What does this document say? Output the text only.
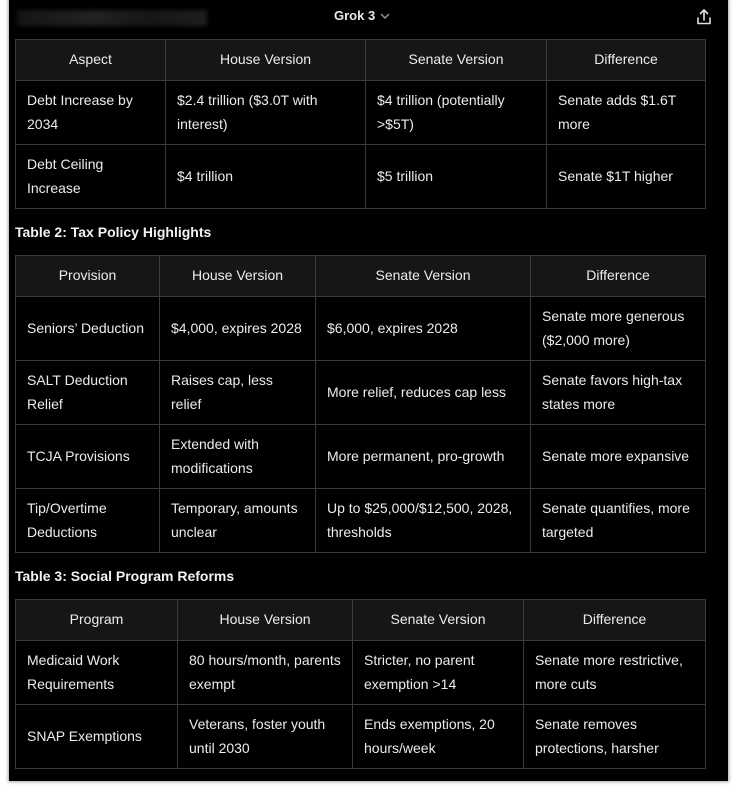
Grok 3
Aspect	House Version	Senate Version	Difference
Debt Increase by 2034	$2.4 trillion ($3.0T with interest)	$4 trillion (potentially >$5T)	Senate adds $1.6T more
Debt Ceiling Increase	$4 trillion	$5 trillion	Senate $1T higher
Table 2: Tax Policy Highlights
Provision	House Version	Senate Version	Difference
Seniors’ Deduction	$4,000, expires 2028	$6,000, expires 2028	Senate more generous ($2,000 more)
SALT Deduction Relief	Raises cap, less relief	More relief, reduces cap less	Senate favors high-tax states more
TCJA Provisions	Extended with modifications	More permanent, pro-growth	Senate more expansive
Tip/Overtime Deductions	Temporary, amounts unclear	Up to $25,000/$12,500, 2028, thresholds	Senate quantifies, more targeted
Table 3: Social Program Reforms
Program	House Version	Senate Version	Difference
Medicaid Work Requirements	80 hours/month, parents exempt	Stricter, no parent exemption >14	Senate more restrictive, more cuts
SNAP Exemptions	Veterans, foster youth until 2030	Ends exemptions, 20 hours/week	Senate removes protections, harsher
